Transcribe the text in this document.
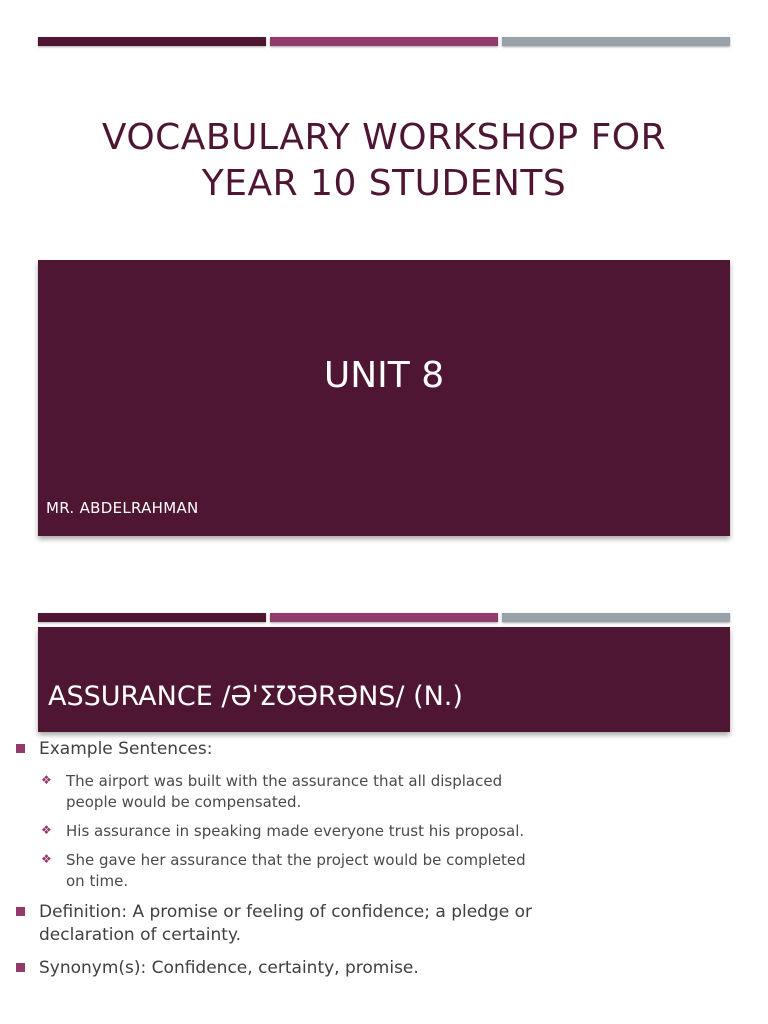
VOCABULARY WORKSHOP FOR
YEAR 10 STUDENTS
UNIT 8
MR. ABDELRAHMAN
ASSURANCE /ƏˈƩƱƏRƏNS/ (N.)
Example Sentences:
❖ The airport was built with the assurance that all displaced people would be compensated.
❖ His assurance in speaking made everyone trust his proposal.
❖ She gave her assurance that the project would be completed on time.
Definition: A promise or feeling of confidence; a pledge or declaration of certainty.
Synonym(s): Confidence, certainty, promise.
